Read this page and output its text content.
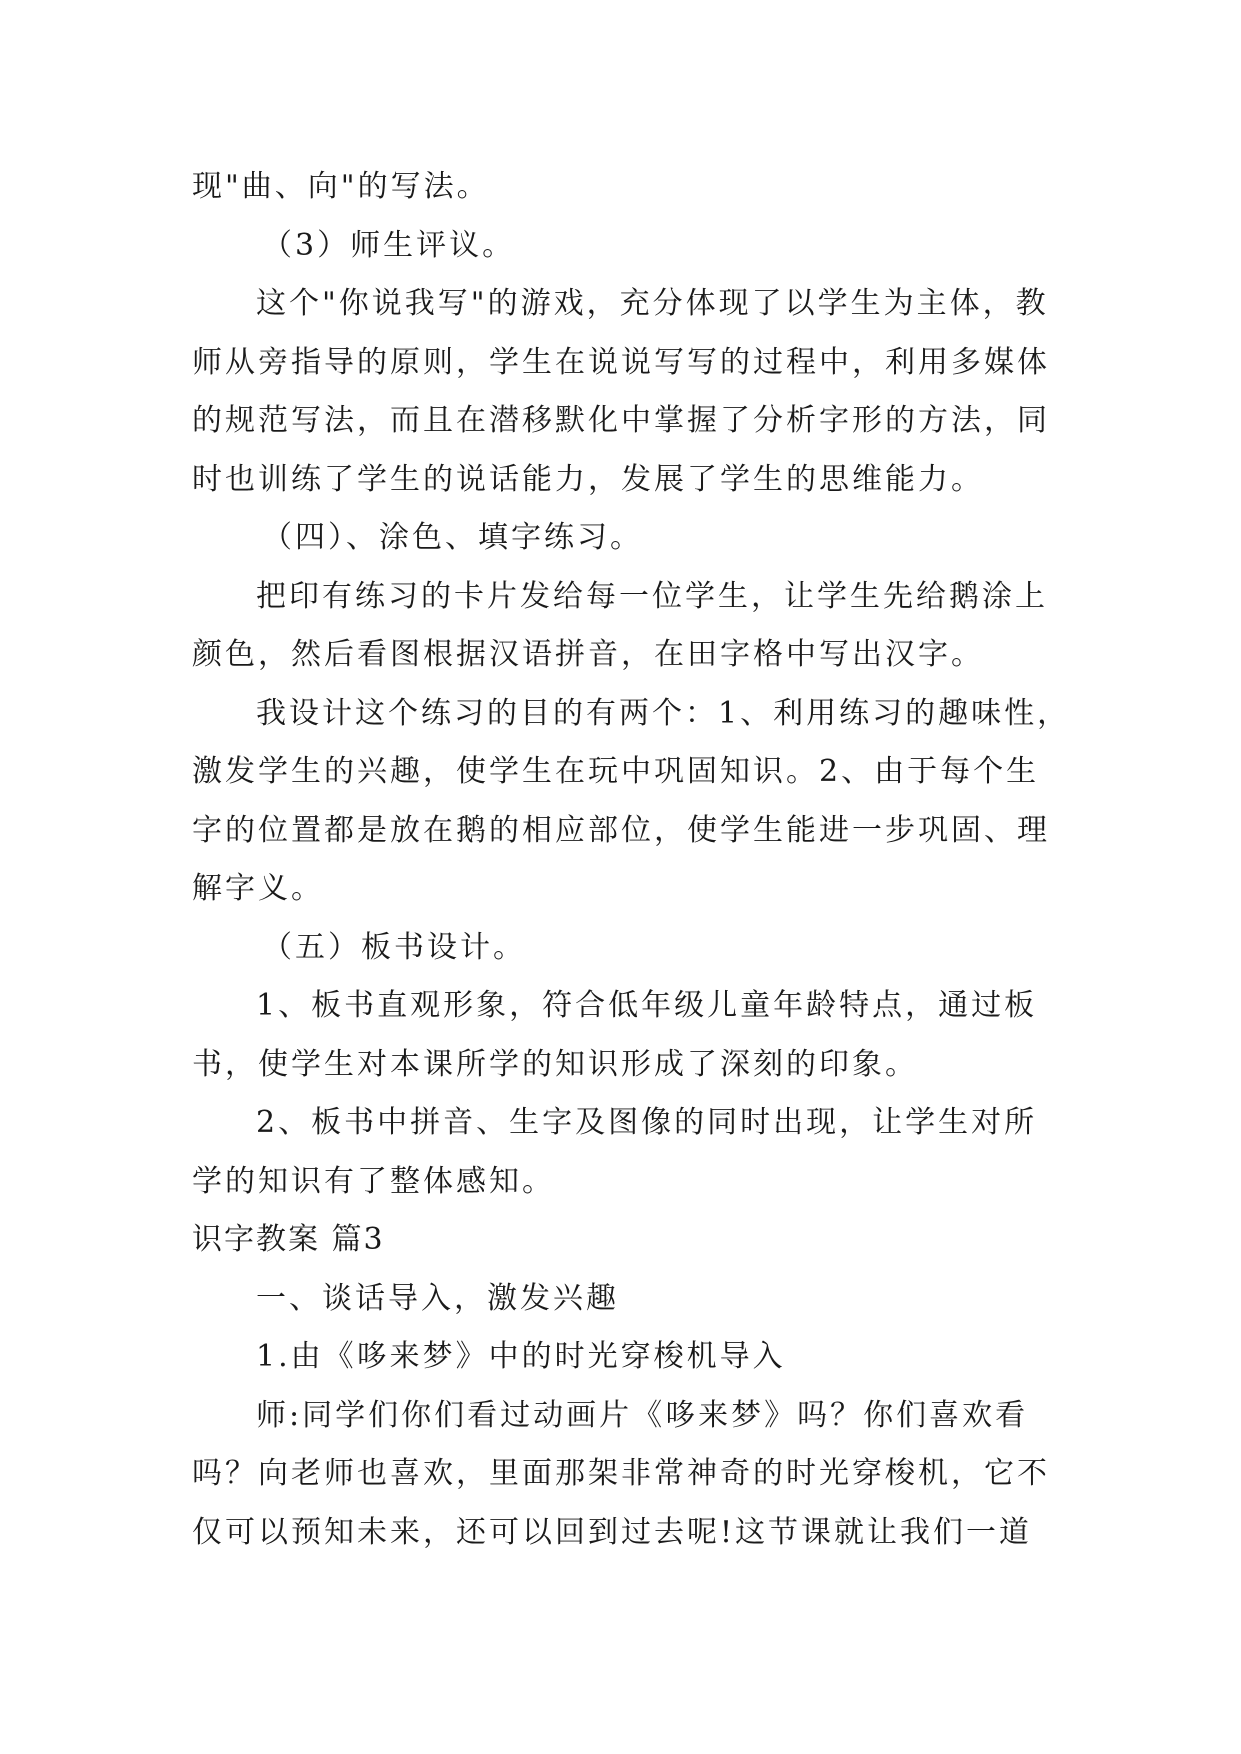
现"曲、向"的写法。
（3）师生评议。
这个"你说我写"的游戏，充分体现了以学生为主体，教
师从旁指导的原则，学生在说说写写的过程中，利用多媒体
的规范写法，而且在潜移默化中掌握了分析字形的方法，同
时也训练了学生的说话能力，发展了学生的思维能力。
（四）、涂色、填字练习。
把印有练习的卡片发给每一位学生，让学生先给鹅涂上
颜色，然后看图根据汉语拼音，在田字格中写出汉字。
我设计这个练习的目的有两个：1、利用练习的趣味性，
激发学生的兴趣，使学生在玩中巩固知识。2、由于每个生
字的位置都是放在鹅的相应部位，使学生能进一步巩固、理
解字义。
（五）板书设计。
1、板书直观形象，符合低年级儿童年龄特点，通过板
书，使学生对本课所学的知识形成了深刻的印象。
2、板书中拼音、生字及图像的同时出现，让学生对所
学的知识有了整体感知。
识字教案 篇3
一、谈话导入，激发兴趣
1.由《哆来梦》中的时光穿梭机导入
师:同学们你们看过动画片《哆来梦》吗？你们喜欢看
吗？向老师也喜欢，里面那架非常神奇的时光穿梭机，它不
仅可以预知未来，还可以回到过去呢!这节课就让我们一道
